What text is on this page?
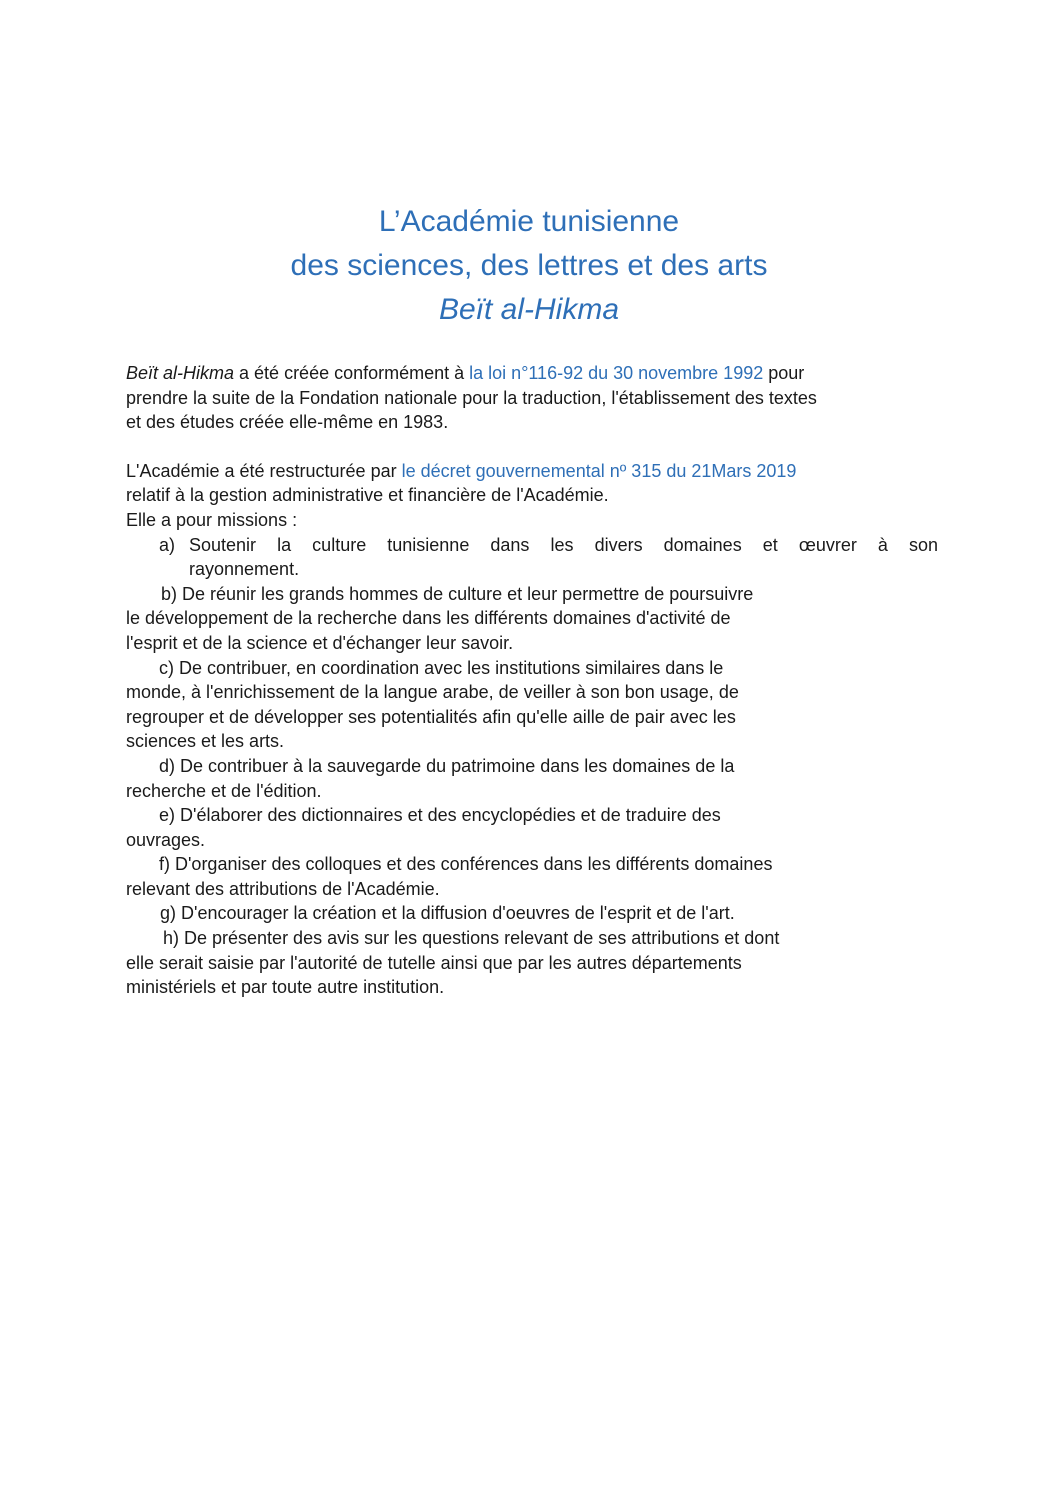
L’Académie tunisienne
des sciences, des lettres et des arts
Beït al-Hikma
Beït al-Hikma a été créée conformément à la loi n°116-92 du 30 novembre 1992 pour
prendre la suite de la Fondation nationale pour la traduction, l'établissement des textes
et des études créée elle-même en 1983.
L'Académie a été restructurée par le décret gouvernemental nº 315 du 21Mars 2019
relatif à la gestion administrative et financière de l'Académie.
Elle a pour missions :
a) Soutenir la culture tunisienne dans les divers domaines et œuvrer à son
rayonnement.
b) De réunir les grands hommes de culture et leur permettre de poursuivre
le développement de la recherche dans les différents domaines d'activité de
l'esprit et de la science et d'échanger leur savoir.
c) De contribuer, en coordination avec les institutions similaires dans le
monde, à l'enrichissement de la langue arabe, de veiller à son bon usage, de
regrouper et de développer ses potentialités afin qu'elle aille de pair avec les
sciences et les arts.
d) De contribuer à la sauvegarde du patrimoine dans les domaines de la
recherche et de l'édition.
e) D'élaborer des dictionnaires et des encyclopédies et de traduire des
ouvrages.
f) D'organiser des colloques et des conférences dans les différents domaines
relevant des attributions de l'Académie.
g) D'encourager la création et la diffusion d'oeuvres de l'esprit et de l'art.
h) De présenter des avis sur les questions relevant de ses attributions et dont
elle serait saisie par l'autorité de tutelle ainsi que par les autres départements
ministériels et par toute autre institution.
